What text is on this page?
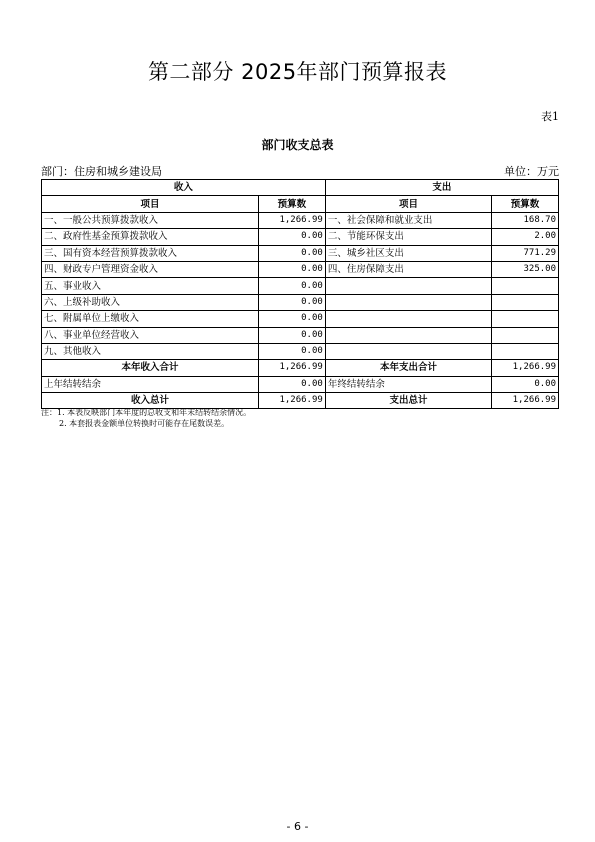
第二部分 2025年部门预算报表
表1
部门收支总表
部门：住房和城乡建设局	单位：万元
收入		支出	
项目	预算数	项目	预算数
一、一般公共预算拨款收入	1,266.99	一、社会保障和就业支出	168.70
二、政府性基金预算拨款收入	0.00	二、节能环保支出	2.00
三、国有资本经营预算拨款收入	0.00	三、城乡社区支出	771.29
四、财政专户管理资金收入	0.00	四、住房保障支出	325.00
五、事业收入	0.00		
六、上级补助收入	0.00		
七、附属单位上缴收入	0.00		
八、事业单位经营收入	0.00		
九、其他收入	0.00		
本年收入合计	1,266.99	本年支出合计	1,266.99
上年结转结余	0.00	年终结转结余	0.00
收入总计	1,266.99	支出总计	1,266.99
注：1. 本表反映部门本年度的总收支和年末结转结余情况。
2. 本套报表金额单位转换时可能存在尾数误差。
- 6 -
